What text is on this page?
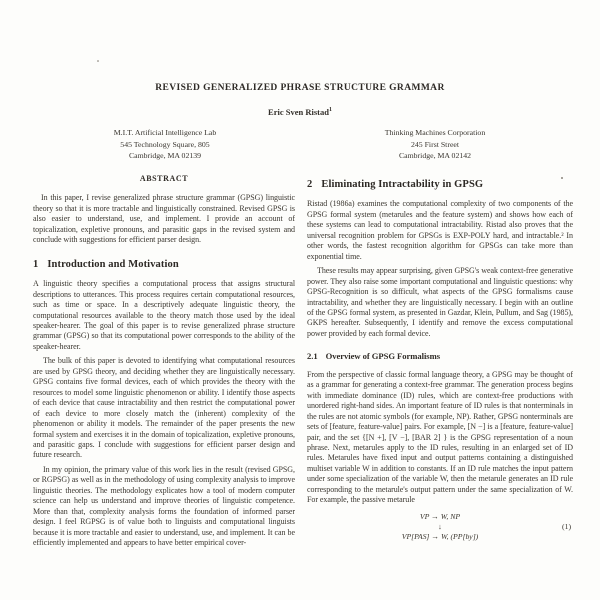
REVISED GENERALIZED PHRASE STRUCTURE GRAMMAR
Eric Sven Ristad$^1$
M.I.T. Artificial Intelligence Lab
545 Technology Square, 805
Cambridge, MA 02139
Thinking Machines Corporation
245 First Street
Cambridge, MA 02142
ABSTRACT

In this paper, I revise generalized phrase structure grammar (GPSG) linguistic theory so that it is more tractable and linguistically constrained. Revised GPSG is also easier to understand, use, and implement. I provide an account of topicalization, expletive pronouns, and parasitic gaps in the revised system and conclude with suggestions for efficient parser design.

1 Introduction and Motivation

A linguistic theory specifies a computational process that assigns structural descriptions to utterances. This process requires certain computational resources, such as time or space. In a descriptively adequate linguistic theory, the computational resources available to the theory match those used by the ideal speaker-hearer. The goal of this paper is to revise generalized phrase structure grammar (GPSG) so that its computational power corresponds to the ability of the speaker-hearer.

The bulk of this paper is devoted to identifying what computational resources are used by GPSG theory, and deciding whether they are linguistically necessary. GPSG contains five formal devices, each of which provides the theory with the resources to model some linguistic phenomenon or ability. I identify those aspects of each device that cause intractability and then restrict the computational power of each device to more closely match the (inherent) complexity of the phenomenon or ability it models. The remainder of the paper presents the new formal system and exercises it in the domain of topicalization, expletive pronouns, and parasitic gaps. I conclude with suggestions for efficient parser design and future research.

In my opinion, the primary value of this work lies in the result (revised GPSG, or RGPSG) as well as in the methodology of using complexity analysis to improve linguistic theories. The methodology explicates how a tool of modern computer science can help us understand and improve theories of linguistic competence. More than that, complexity analysis forms the foundation of informed parser design. I feel RGPSG is of value both to linguists and computational linguists because it is more tractable and easier to understand, use, and implement. It can be efficiently implemented and appears to have better empirical cover-

2 Eliminating Intractability in GPSG

Ristad (1986a) examines the computational complexity of two components of the GPSG formal system (metarules and the feature system) and shows how each of these systems can lead to computational intractability. Ristad also proves that the universal recognition problem for GPSGs is EXP-POLY hard, and intractable.² In other words, the fastest recognition algorithm for GPSGs can take more than exponential time.

These results may appear surprising, given GPSG's weak context-free generative power. They also raise some important computational and linguistic questions: why GPSG-Recognition is so difficult, what aspects of the GPSG formalisms cause intractability, and whether they are linguistically necessary. I begin with an outline of the GPSG formal system, as presented in Gazdar, Klein, Pullum, and Sag (1985), GKPS hereafter. Subsequently, I identify and remove the excess computational power provided by each formal device.

2.1 Overview of GPSG Formalisms

From the perspective of classic formal language theory, a GPSG may be thought of as a grammar for generating a context-free grammar. The generation process begins with immediate dominance (ID) rules, which are context-free productions with unordered right-hand sides. An important feature of ID rules is that nonterminals in the rules are not atomic symbols (for example, NP). Rather, GPSG nonterminals are sets of [feature, feature-value] pairs. For example, [N −] is a [feature, feature-value] pair, and the set {[N +], [V −], [BAR 2] } is the GPSG representation of a noun phrase. Next, metarules apply to the ID rules, resulting in an enlarged set of ID rules. Metarules have fixed input and output patterns containing a distinguished multiset variable W in addition to constants. If an ID rule matches the input pattern under some specialization of the variable W, then the metarule generates an ID rule corresponding to the metarule's output pattern under the same specialization of W. For example, the passive metarule

VP → W, NP
↓
VP[PAS] → W, (PP[by])
(1)
